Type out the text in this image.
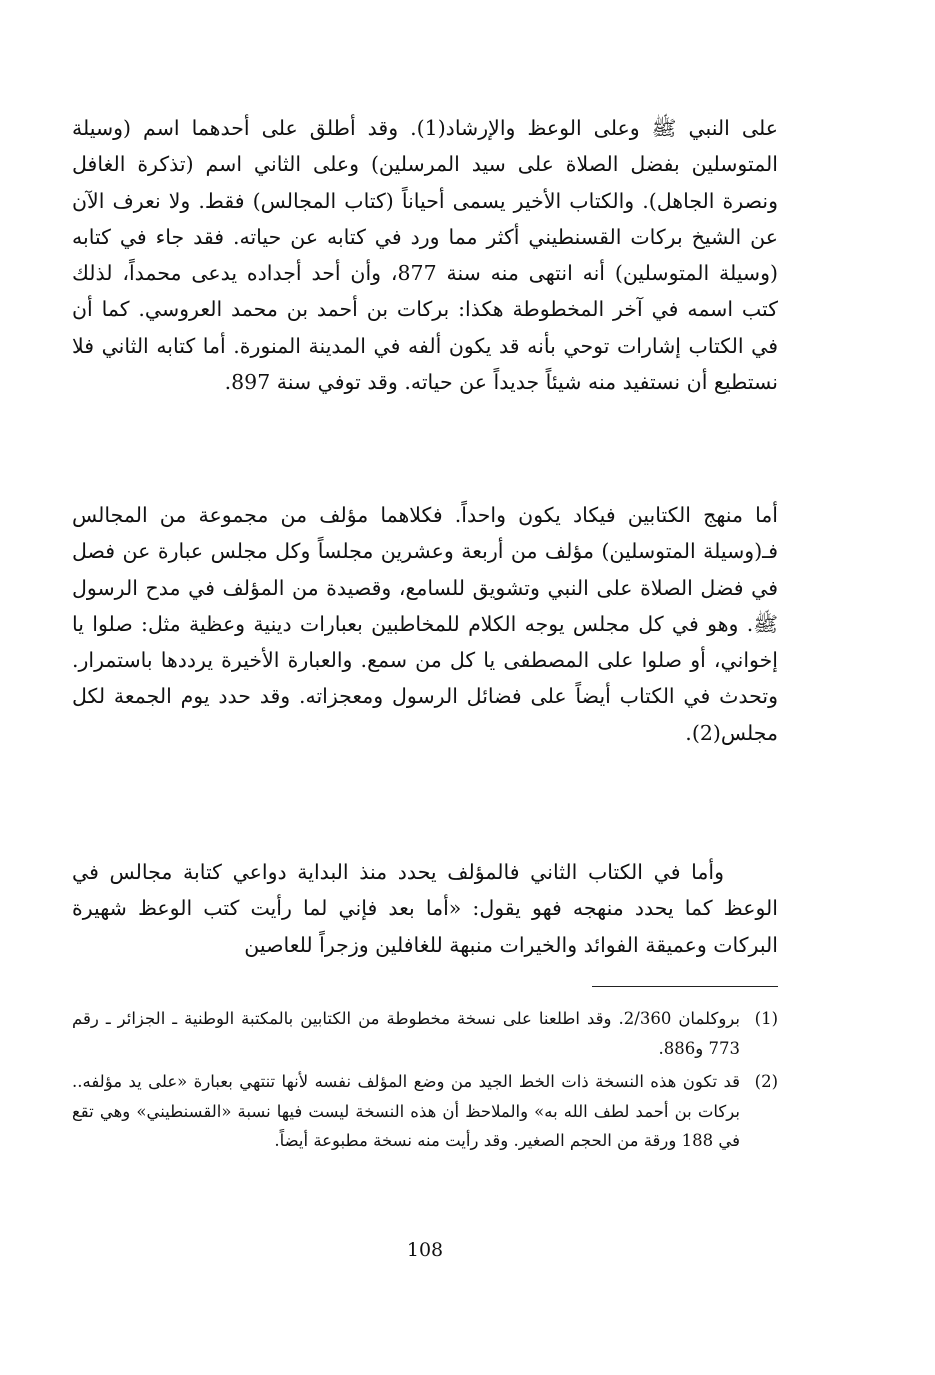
على النبي ﷺ وعلى الوعظ والإرشاد(1). وقد أطلق على أحدهما اسم (وسيلة المتوسلين بفضل الصلاة على سيد المرسلين) وعلى الثاني اسم (تذكرة الغافل ونصرة الجاهل). والكتاب الأخير يسمى أحياناً (كتاب المجالس) فقط. ولا نعرف الآن عن الشيخ بركات القسنطيني أكثر مما ورد في كتابه عن حياته. فقد جاء في كتابه (وسيلة المتوسلين) أنه انتهى منه سنة 877، وأن أحد أجداده يدعى محمداً، لذلك كتب اسمه في آخر المخطوطة هكذا: بركات بن أحمد بن محمد العروسي. كما أن في الكتاب إشارات توحي بأنه قد يكون ألفه في المدينة المنورة. أما كتابه الثاني فلا نستطيع أن نستفيد منه شيئاً جديداً عن حياته. وقد توفي سنة 897.

أما منهج الكتابين فيكاد يكون واحداً. فكلاهما مؤلف من مجموعة من المجالس فـ(وسيلة المتوسلين) مؤلف من أربعة وعشرين مجلساً وكل مجلس عبارة عن فصل في فضل الصلاة على النبي وتشويق للسامع، وقصيدة من المؤلف في مدح الرسول ﷺ. وهو في كل مجلس يوجه الكلام للمخاطبين بعبارات دينية وعظية مثل: صلوا يا إخواني، أو صلوا على المصطفى يا كل من سمع. والعبارة الأخيرة يرددها باستمرار. وتحدث في الكتاب أيضاً على فضائل الرسول ومعجزاته. وقد حدد يوم الجمعة لكل مجلس(2).

وأما في الكتاب الثاني فالمؤلف يحدد منذ البداية دواعي كتابة مجالس في الوعظ كما يحدد منهجه فهو يقول: «أما بعد فإني لما رأيت كتب الوعظ شهيرة البركات وعميقة الفوائد والخيرات منبهة للغافلين وزجراً للعاصين

(1)
بروكلمان 2/360. وقد اطلعنا على نسخة مخطوطة من الكتابين بالمكتبة الوطنية ـ الجزائر ـ رقم 773 و886.
(2)
قد تكون هذه النسخة ذات الخط الجيد من وضع المؤلف نفسه لأنها تنتهي بعبارة «على يد مؤلفه.. بركات بن أحمد لطف الله به» والملاحظ أن هذه النسخة ليست فيها نسبة «القسنطيني» وهي تقع في 188 ورقة من الحجم الصغير. وقد رأيت منه نسخة مطبوعة أيضاً.
108
